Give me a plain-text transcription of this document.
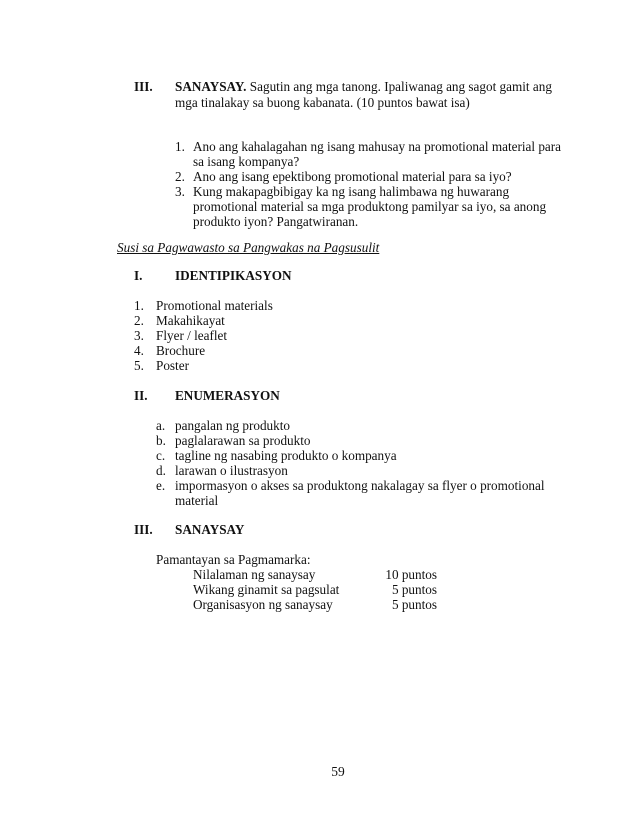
III. SANAYSAY. Sagutin ang mga tanong. Ipaliwanag ang sagot gamit ang
mga tinalakay sa buong kabanata. (10 puntos bawat isa)
1. Ano ang kahalagahan ng isang mahusay na promotional material para
sa isang kompanya?
2. Ano ang isang epektibong promotional material para sa iyo?
3. Kung makapagbibigay ka ng isang halimbawa ng huwarang
promotional material sa mga produktong pamilyar sa iyo, sa anong
produkto iyon? Pangatwiranan.
Susi sa Pagwawasto sa Pangwakas na Pagsusulit
I. IDENTIPIKASYON
1. Promotional materials
2. Makahikayat
3. Flyer / leaflet
4. Brochure
5. Poster
II. ENUMERASYON
a. pangalan ng produkto
b. paglalarawan sa produkto
c. tagline ng nasabing produkto o kompanya
d. larawan o ilustrasyon
e. impormasyon o akses sa produktong nakalagay sa flyer o promotional
material
III. SANAYSAY
Pamantayan sa Pagmamarka:
Nilalaman ng sanaysay	10 puntos
Wikang ginamit sa pagsulat	5 puntos
Organisasyon ng sanaysay	5 puntos
59
